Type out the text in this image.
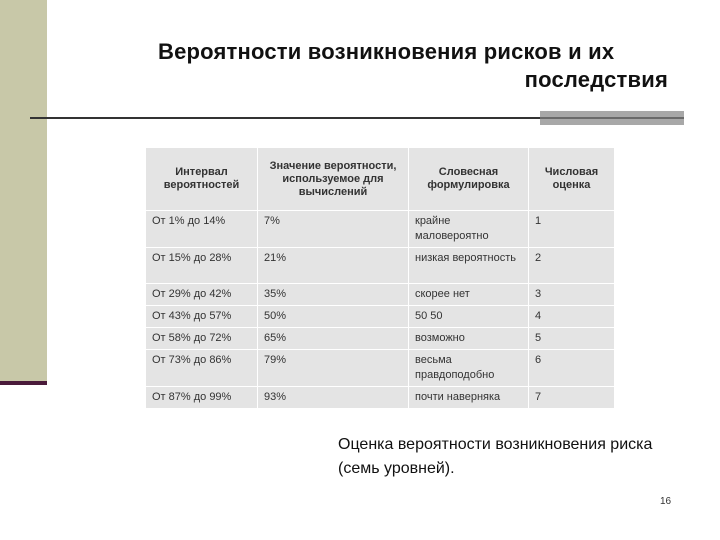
Вероятности возникновения рисков и их
последствия
Интервал вероятностей	Значение вероятности, используемое для вычислений	Словесная формулировка	Числовая оценка
От 1% до 14%	7%	крайне маловероятно	1
От 15% до 28%	21%	низкая вероятность	2
От 29% до 42%	35%	скорее нет	3
От 43% до 57%	50%	50 50	4
От 58% до 72%	65%	возможно	5
От 73% до 86%	79%	весьма правдоподобно	6
От 87% до 99%	93%	почти наверняка	7
Оценка вероятности возникновения риска (семь уровней).
16
